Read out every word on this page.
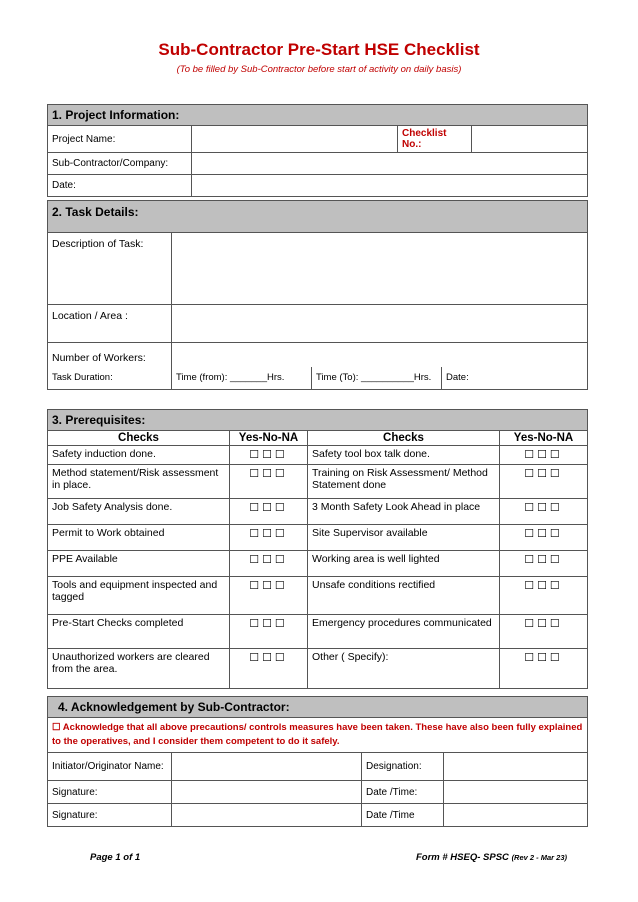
Sub-Contractor Pre-Start HSE Checklist
(To be filled by Sub-Contractor before start of activity on daily basis)
1. Project Information:			
Project Name:		Checklist No.:	
Sub-Contractor/Company:			
Date:			
2. Task Details:			
Description of Task:			
Location / Area :			
Number of Workers:			
Task Duration:	Time (from): _______Hrs.	Time (To): __________Hrs.	Date:
3. Prerequisites:			
Checks	Yes-No-NA	Checks	Yes-No-NA
Safety induction done.	☐☐☐	Safety tool box talk done.	☐☐☐
Method statement/Risk assessment in place.	☐☐☐	Training on Risk Assessment/ Method Statement done	☐☐☐
Job Safety Analysis done.	☐☐☐	3 Month Safety Look Ahead in place	☐☐☐
Permit to Work obtained	☐☐☐	Site Supervisor available	☐☐☐
PPE Available	☐☐☐	Working area is well lighted	☐☐☐
Tools and equipment inspected and tagged	☐☐☐	Unsafe conditions rectified	☐☐☐
Pre-Start Checks completed	☐☐☐	Emergency procedures communicated	☐☐☐
Unauthorized workers are cleared from the area.	☐☐☐	Other ( Specify):	☐☐☐
4. Acknowledgement by Sub-Contractor:			
☐ Acknowledge that all above precautions/ controls measures have been taken. These have also been fully explained to the operatives, and I consider them competent to do it safely.			
Initiator/Originator Name:		Designation:	
Signature:		Date /Time:	
Signature:		Date /Time	
Page 1 of 1	Form # HSEQ- SPSC (Rev 2 - Mar 23)
